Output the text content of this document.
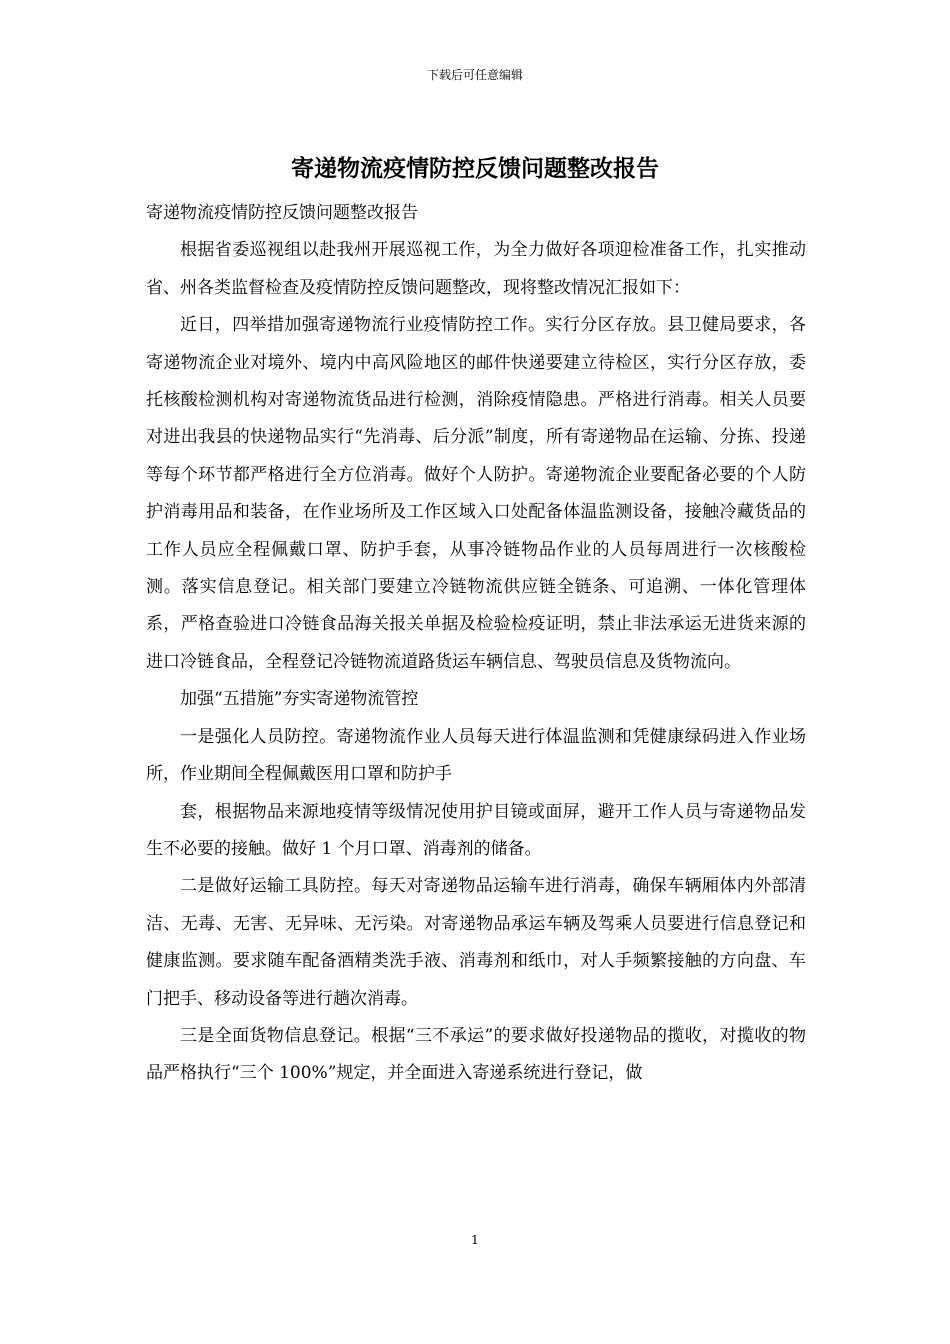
下载后可任意编辑
寄递物流疫情防控反馈问题整改报告

寄递物流疫情防控反馈问题整改报告

根据省委巡视组以赴我州开展巡视工作，为全力做好各项迎检准备工作，扎实推动省、州各类监督检查及疫情防控反馈问题整改，现将整改情况汇报如下：

近日，四举措加强寄递物流行业疫情防控工作。实行分区存放。县卫健局要求，各寄递物流企业对境外、境内中高风险地区的邮件快递要建立待检区，实行分区存放，委托核酸检测机构对寄递物流货品进行检测，消除疫情隐患。严格进行消毒。相关人员要对进出我县的快递物品实行“先消毒、后分派”制度，所有寄递物品在运输、分拣、投递等每个环节都严格进行全方位消毒。做好个人防护。寄递物流企业要配备必要的个人防护消毒用品和装备，在作业场所及工作区域入口处配备体温监测设备，接触冷藏货品的工作人员应全程佩戴口罩、防护手套，从事冷链物品作业的人员每周进行一次核酸检测。落实信息登记。相关部门要建立冷链物流供应链全链条、可追溯、一体化管理体系，严格查验进口冷链食品海关报关单据及检验检疫证明，禁止非法承运无进货来源的进口冷链食品，全程登记冷链物流道路货运车辆信息、驾驶员信息及货物流向。

加强“五措施”夯实寄递物流管控

一是强化人员防控。寄递物流作业人员每天进行体温监测和凭健康绿码进入作业场所，作业期间全程佩戴医用口罩和防护手

套，根据物品来源地疫情等级情况使用护目镜或面屏，避开工作人员与寄递物品发生不必要的接触。做好 1 个月口罩、消毒剂的储备。

二是做好运输工具防控。每天对寄递物品运输车进行消毒，确保车辆厢体内外部清洁、无毒、无害、无异味、无污染。对寄递物品承运车辆及驾乘人员要进行信息登记和健康监测。要求随车配备酒精类洗手液、消毒剂和纸巾，对人手频繁接触的方向盘、车门把手、移动设备等进行趟次消毒。

三是全面货物信息登记。根据“三不承运”的要求做好投递物品的揽收，对揽收的物品严格执行“三个 100%”规定，并全面进入寄递系统进行登记，做

1
